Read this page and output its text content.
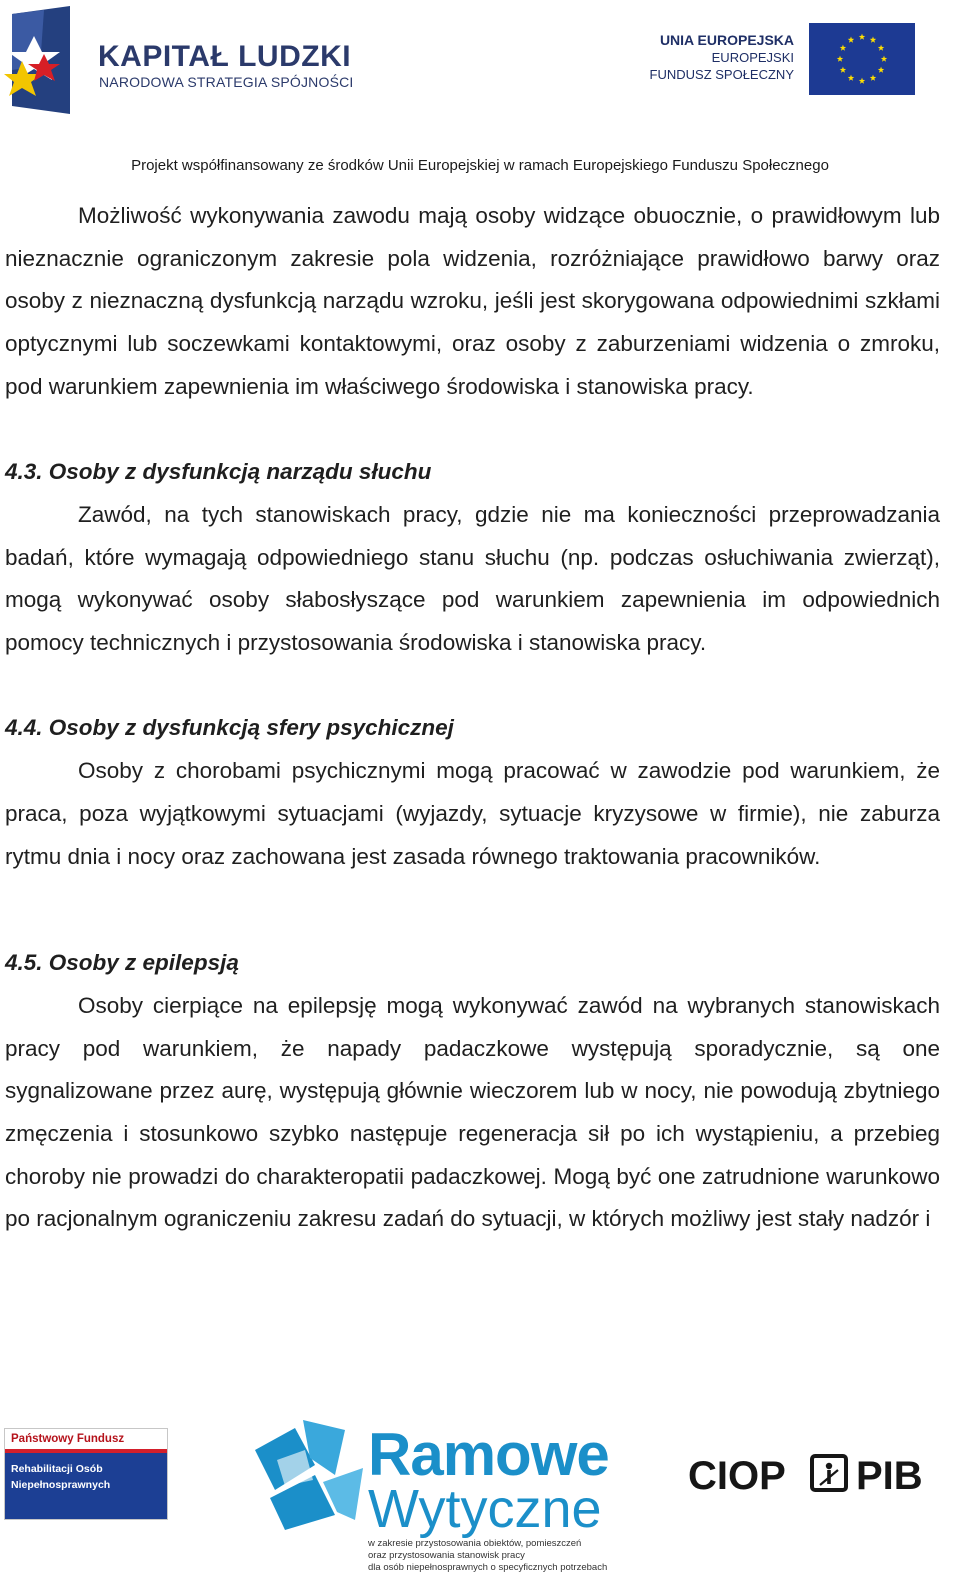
KAPITAŁ LUDZKI
NARODOWA STRATEGIA SPÓJNOŚCI
UNIA EUROPEJSKA
EUROPEJSKI
FUNDUSZ SPOŁECZNY
Projekt współfinansowany ze środków Unii Europejskiej w ramach Europejskiego Funduszu Społecznego

Możliwość wykonywania zawodu mają osoby widzące obuocznie, o prawidłowym lub nieznacznie ograniczonym zakresie pola widzenia, rozróżniające prawidłowo barwy oraz osoby z nieznaczną dysfunkcją narządu wzroku, jeśli jest skorygowana odpowiednimi szkłami optycznymi lub soczewkami kontaktowymi, oraz osoby z zaburzeniami widzenia o zmroku, pod warunkiem zapewnienia im właściwego środowiska i stanowiska pracy.

4.3. Osoby z dysfunkcją narządu słuchu

Zawód, na tych stanowiskach pracy, gdzie nie ma konieczności przeprowadzania badań, które wymagają odpowiedniego stanu słuchu (np. podczas osłuchiwania zwierząt), mogą wykonywać osoby słabosłyszące pod warunkiem zapewnienia im odpowiednich pomocy technicznych i przystosowania środowiska i stanowiska pracy.

4.4. Osoby z dysfunkcją sfery psychicznej

Osoby z chorobami psychicznymi mogą pracować w zawodzie pod warunkiem, że praca, poza wyjątkowymi sytuacjami (wyjazdy, sytuacje kryzysowe w firmie), nie zaburza rytmu dnia i nocy oraz zachowana jest zasada równego traktowania pracowników.

4.5. Osoby z epilepsją

Osoby cierpiące na epilepsję mogą wykonywać zawód na wybranych stanowiskach pracy pod warunkiem, że napady padaczkowe występują sporadycznie, są one sygnalizowane przez aurę, występują głównie wieczorem lub w nocy, nie powodują zbytniego zmęczenia i stosunkowo szybko następuje regeneracja sił po ich wystąpieniu, a przebieg choroby nie prowadzi do charakteropatii padaczkowej. Mogą być one zatrudnione warunkowo po racjonalnym ograniczeniu zakresu zadań do sytuacji, w których możliwy jest stały nadzór i

Państwowy Fundusz
Rehabilitacji Osób
Niepełnosprawnych	Ramowe
Wytyczne
w zakresie przystosowania obiektów, pomieszczeń
oraz przystosowania stanowisk pracy
dla osób niepełnosprawnych o specyficznych potrzebach
CIOP PIB
